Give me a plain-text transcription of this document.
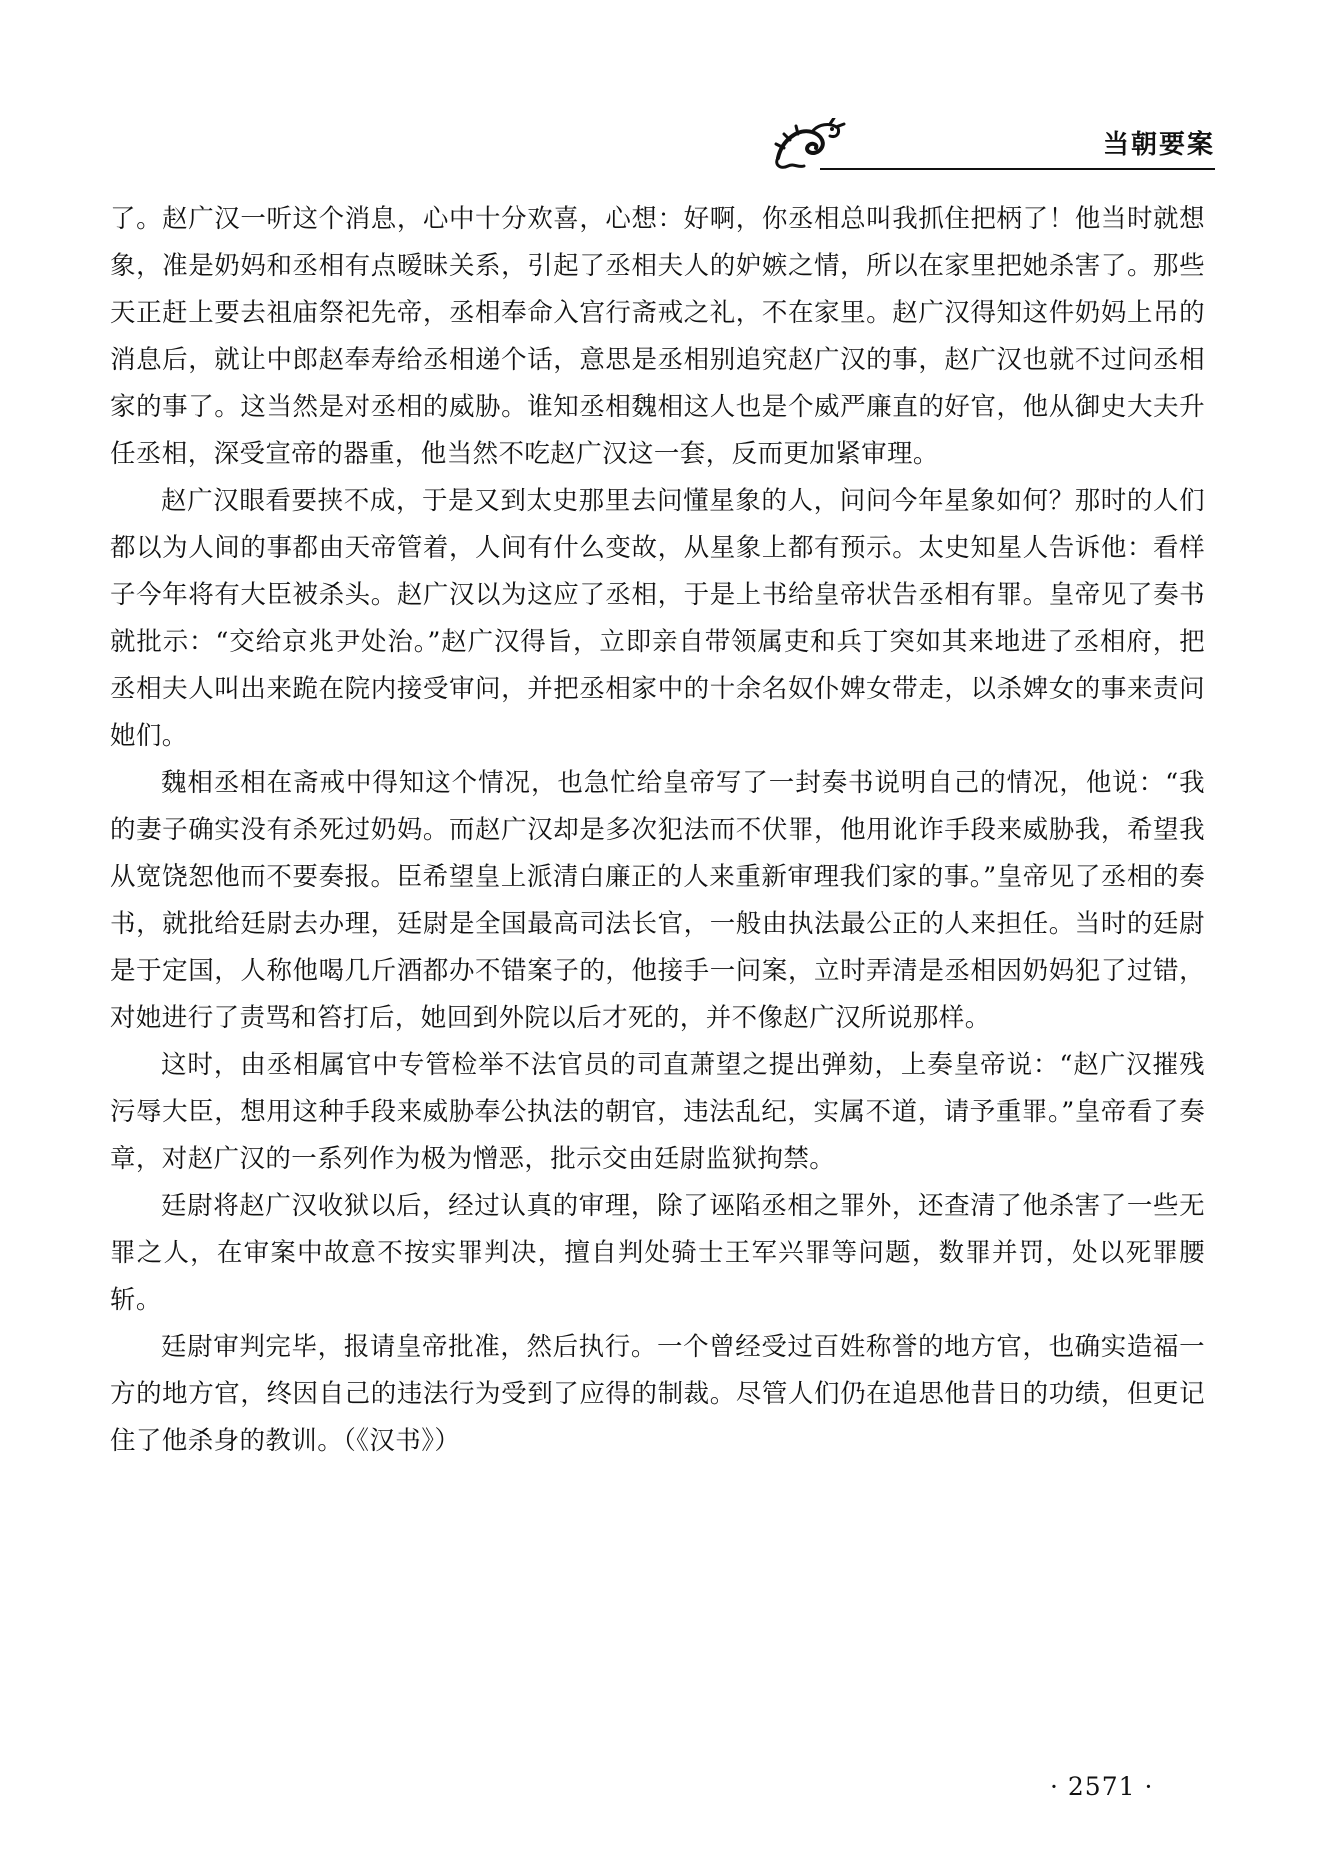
当朝要案

了。赵广汉一听这个消息，心中十分欢喜，心想：好啊，你丞相总叫我抓住把柄了！他当时就想象，准是奶妈和丞相有点暧昧关系，引起了丞相夫人的妒嫉之情，所以在家里把她杀害了。那些天正赶上要去祖庙祭祀先帝，丞相奉命入宫行斋戒之礼，不在家里。赵广汉得知这件奶妈上吊的消息后，就让中郎赵奉寿给丞相递个话，意思是丞相别追究赵广汉的事，赵广汉也就不过问丞相家的事了。这当然是对丞相的威胁。谁知丞相魏相这人也是个威严廉直的好官，他从御史大夫升任丞相，深受宣帝的器重，他当然不吃赵广汉这一套，反而更加紧审理。

赵广汉眼看要挟不成，于是又到太史那里去问懂星象的人，问问今年星象如何？那时的人们都以为人间的事都由天帝管着，人间有什么变故，从星象上都有预示。太史知星人告诉他：看样子今年将有大臣被杀头。赵广汉以为这应了丞相，于是上书给皇帝状告丞相有罪。皇帝见了奏书就批示：“交给京兆尹处治。”赵广汉得旨，立即亲自带领属吏和兵丁突如其来地进了丞相府，把丞相夫人叫出来跪在院内接受审问，并把丞相家中的十余名奴仆婢女带走，以杀婢女的事来责问她们。

魏相丞相在斋戒中得知这个情况，也急忙给皇帝写了一封奏书说明自己的情况，他说：“我的妻子确实没有杀死过奶妈。而赵广汉却是多次犯法而不伏罪，他用讹诈手段来威胁我，希望我从宽饶恕他而不要奏报。臣希望皇上派清白廉正的人来重新审理我们家的事。”皇帝见了丞相的奏书，就批给廷尉去办理，廷尉是全国最高司法长官，一般由执法最公正的人来担任。当时的廷尉是于定国，人称他喝几斤酒都办不错案子的，他接手一问案，立时弄清是丞相因奶妈犯了过错，对她进行了责骂和笞打后，她回到外院以后才死的，并不像赵广汉所说那样。

这时，由丞相属官中专管检举不法官员的司直萧望之提出弹劾，上奏皇帝说：“赵广汉摧残污辱大臣，想用这种手段来威胁奉公执法的朝官，违法乱纪，实属不道，请予重罪。”皇帝看了奏章，对赵广汉的一系列作为极为憎恶，批示交由廷尉监狱拘禁。

廷尉将赵广汉收狱以后，经过认真的审理，除了诬陷丞相之罪外，还查清了他杀害了一些无罪之人，在审案中故意不按实罪判决，擅自判处骑士王军兴罪等问题，数罪并罚，处以死罪腰斩。

廷尉审判完毕，报请皇帝批准，然后执行。一个曾经受过百姓称誉的地方官，也确实造福一方的地方官，终因自己的违法行为受到了应得的制裁。尽管人们仍在追思他昔日的功绩，但更记住了他杀身的教训。（《汉书》）

· 2571 ·
